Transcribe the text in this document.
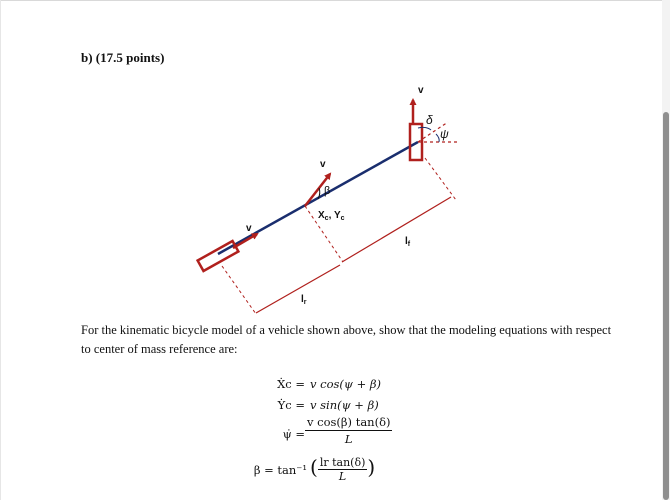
b) (17.5 points)
v
v
β
$X_c$, $Y_c$
v
δ
ψ
$l_r$
$l_f$

For the kinematic bicycle model of a vehicle shown above, show that the modeling equations with respect to center of mass reference are:

Ẋc = v cos(ψ + β)
Ẏc = v sin(ψ + β)
ψ̇ = $\frac{\text{v cos(β) tan(δ)}}{L}$
β = tan⁻¹ ( $\frac{\text{lr tan(δ)}}{L}$ )
